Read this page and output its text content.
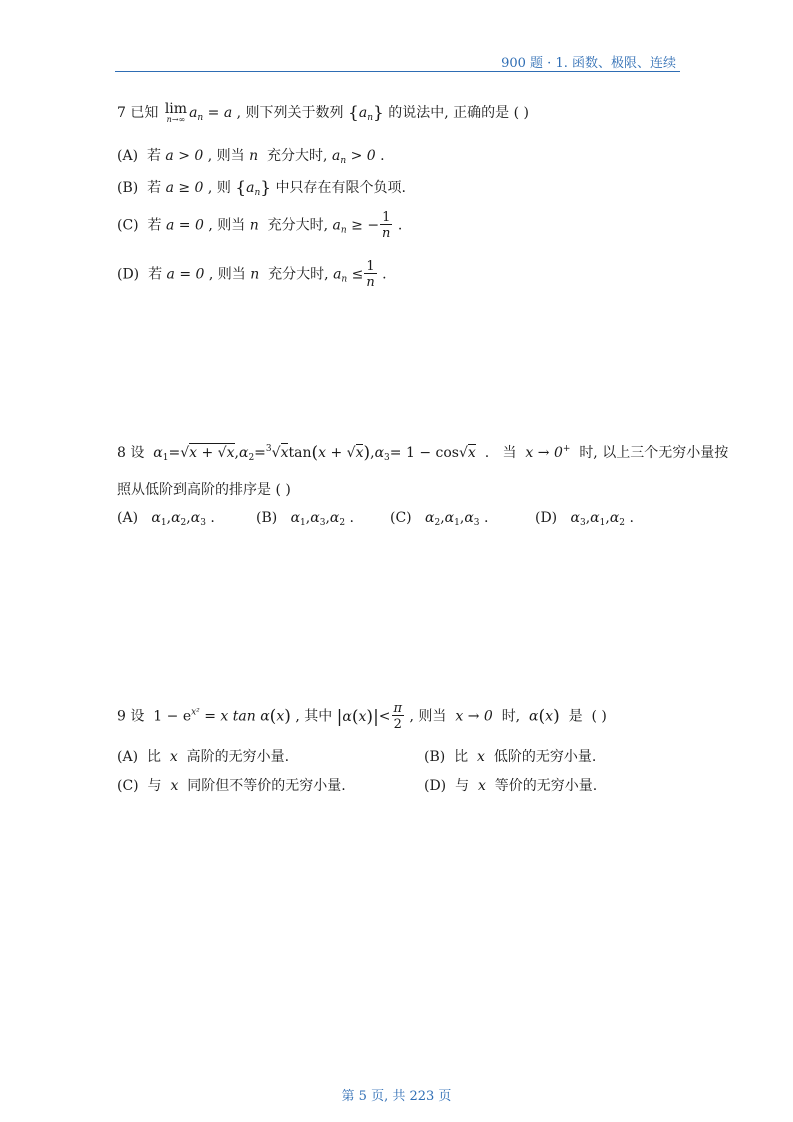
900 题 · 1. 函数、极限、连续
7 已知 lim
n→∞ $a_n = a$ , 则下列关于数列 $\{a_n\}$ 的说法中, 正确的是 ( )
(A) 若 a > 0 , 则当 n 充分大时, $a_n > 0$ .
(B) 若 a ≥ 0 , 则 $\{a_n\}$ 中只存在有限个负项.
(C) 若 a = 0 , 则当 n 充分大时, $a_n$ ≥ − $\frac{1}{n}$ .
(D) 若 a = 0 , 则当 n 充分大时, $a_n \le \frac{1}{n}$ .
8 设 $\alpha_1=√x + √x,\alpha_2=^3√xtan(x + √x),\alpha_3= 1 - \cos√x$ . 当 x → 0+ 时, 以上三个无穷小量按
照从低阶到高阶的排序是 ( )
(A) $\alpha_1,\alpha_2,\alpha_3$ .	(B) $\alpha_1,\alpha_3,\alpha_2$ .	(C) $\alpha_2,\alpha_1,\alpha_3$ .	(D) $\alpha_3,\alpha_1,\alpha_2$ .
9 设 $1 - e^{x^2} = x$ tan α(x) , 其中 $|\alpha(x)|< \frac{\pi}{2}$ , 则当 x → 0 时, α(x) 是 ( )
(A) 比 x 高阶的无穷小量.	(B) 比 x 低阶的无穷小量.
(C) 与 x 同阶但不等价的无穷小量.	(D) 与 x 等价的无穷小量.
第 5 页, 共 223 页
